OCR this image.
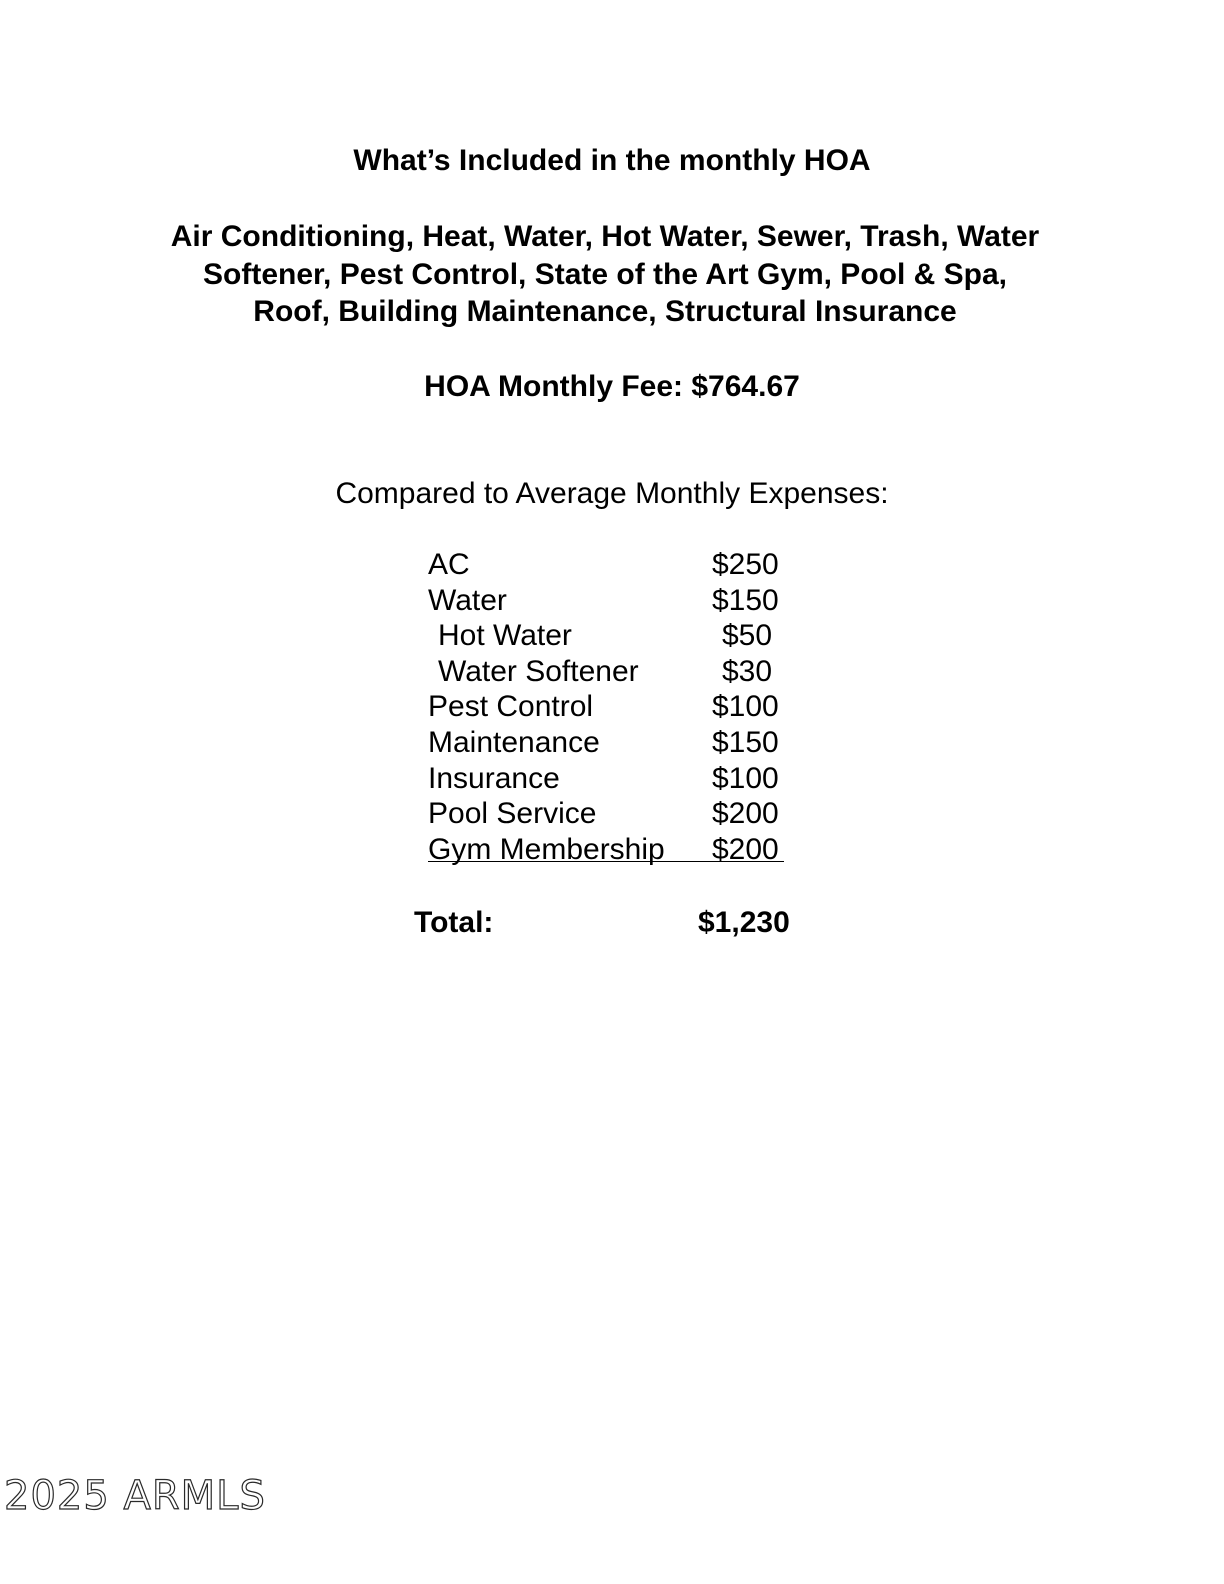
What’s Included in the monthly HOA
Air Conditioning, Heat, Water, Hot Water, Sewer, Trash, Water
Softener, Pest Control, State of the Art Gym, Pool & Spa,
Roof, Building Maintenance, Structural Insurance
HOA Monthly Fee: $764.67
Compared to Average Monthly Expenses:
AC	$250
Water	$150
Hot Water	$50
Water Softener	$30
Pest Control	$100
Maintenance	$150
Insurance	$100
Pool Service	$200
Gym Membership $200
Total:	$1,230
2025 ARMLS
